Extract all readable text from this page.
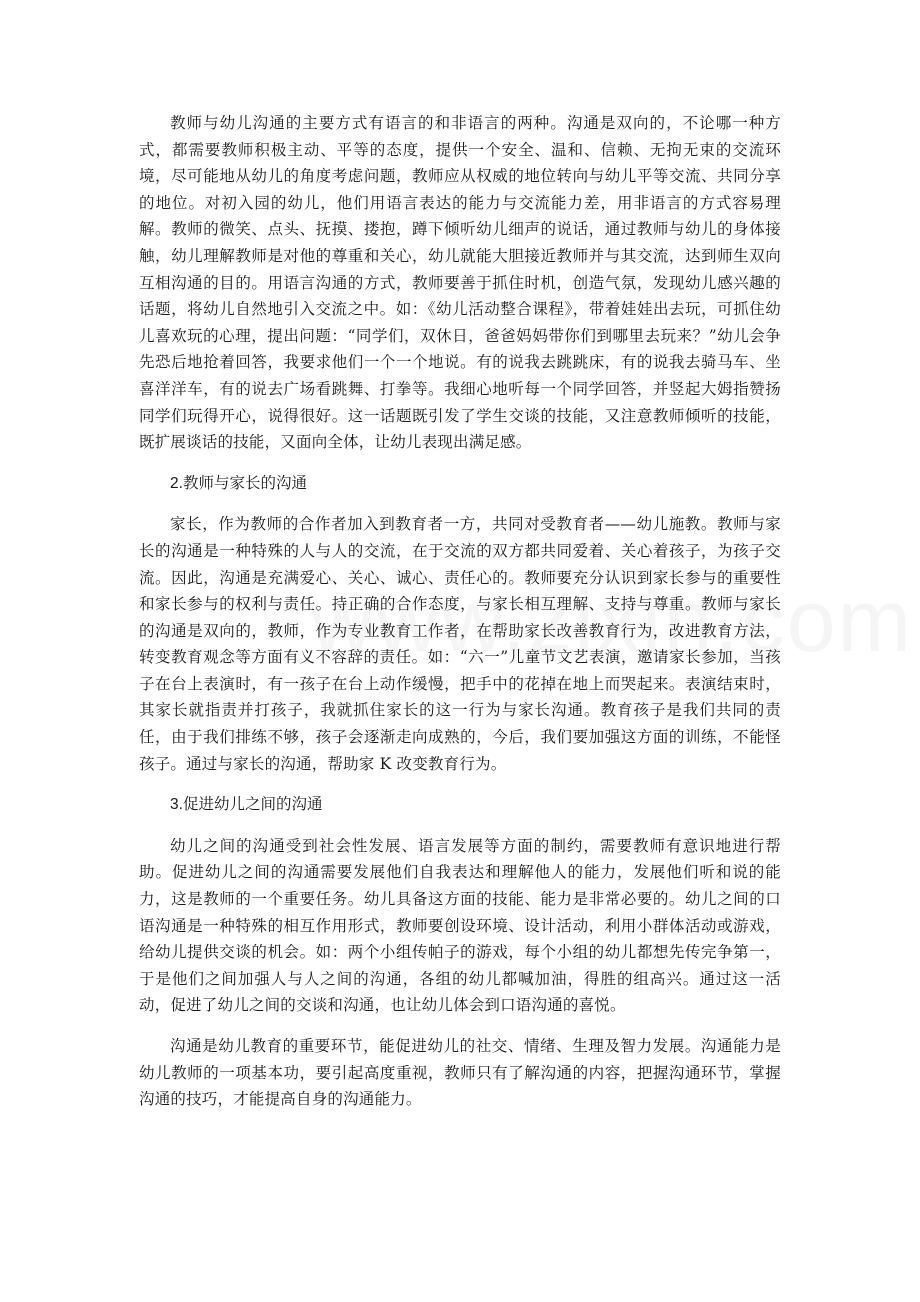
教师与幼儿沟通的主要方式有语言的和非语言的两种。沟通是双向的，不论哪一种方式，都需要教师积极主动、平等的态度，提供一个安全、温和、信赖、无拘无束的交流环境，尽可能地从幼儿的角度考虑问题，教师应从权威的地位转向与幼儿平等交流、共同分享的地位。对初入园的幼儿，他们用语言表达的能力与交流能力差，用非语言的方式容易理解。教师的微笑、点头、抚摸、搂抱，蹲下倾听幼儿细声的说话，通过教师与幼儿的身体接触，幼儿理解教师是对他的尊重和关心，幼儿就能大胆接近教师并与其交流，达到师生双向互相沟通的目的。用语言沟通的方式，教师要善于抓住时机，创造气氛，发现幼儿感兴趣的话题，将幼儿自然地引入交流之中。如：《幼儿活动整合课程》，带着娃娃出去玩，可抓住幼儿喜欢玩的心理，提出问题：“同学们，双休日，爸爸妈妈带你们到哪里去玩来？”幼儿会争先恐后地抢着回答，我要求他们一个一个地说。有的说我去跳跳床，有的说我去骑马车、坐喜洋洋车，有的说去广场看跳舞、打拳等。我细心地听每一个同学回答，并竖起大姆指赞扬同学们玩得开心，说得很好。这一话题既引发了学生交谈的技能，又注意教师倾听的技能，既扩展谈话的技能，又面向全体，让幼儿表现出满足感。

2.教师与家长的沟通

家长，作为教师的合作者加入到教育者一方，共同对受教育者——幼儿施教。教师与家长的沟通是一种特殊的人与人的交流，在于交流的双方都共同爱着、关心着孩子，为孩子交流。因此，沟通是充满爱心、关心、诚心、责任心的。教师要充分认识到家长参与的重要性和家长参与的权利与责任。持正确的合作态度，与家长相互理解、支持与尊重。教师与家长的沟通是双向的，教师，作为专业教育工作者，在帮助家长改善教育行为，改进教育方法，转变教育观念等方面有义不容辞的责任。如：“六一”儿童节文艺表演，邀请家长参加，当孩子在台上表演时，有一孩子在台上动作缓慢，把手中的花掉在地上而哭起来。表演结束时，其家长就指责并打孩子，我就抓住家长的这一行为与家长沟通。教育孩子是我们共同的责任，由于我们排练不够，孩子会逐渐走向成熟的，今后，我们要加强这方面的训练，不能怪孩子。通过与家长的沟通，帮助家 K 改变教育行为。

3.促进幼儿之间的沟通

幼儿之间的沟通受到社会性发展、语言发展等方面的制约，需要教师有意识地进行帮助。促进幼儿之间的沟通需要发展他们自我表达和理解他人的能力，发展他们听和说的能力，这是教师的一个重要任务。幼儿具备这方面的技能、能力是非常必要的。幼儿之间的口语沟通是一种特殊的相互作用形式，教师要创设环境、设计活动，利用小群体活动或游戏，给幼儿提供交谈的机会。如：两个小组传帕子的游戏，每个小组的幼儿都想先传完争第一，于是他们之间加强人与人之间的沟通，各组的幼儿都喊加油，得胜的组高兴。通过这一活动，促进了幼儿之间的交谈和沟通，也让幼儿体会到口语沟通的喜悦。

沟通是幼儿教育的重要环节，能促进幼儿的社交、情绪、生理及智力发展。沟通能力是幼儿教师的一项基本功，要引起高度重视，教师只有了解沟通的内容，把握沟通环节，掌握沟通的技巧，才能提高自身的沟通能力。
